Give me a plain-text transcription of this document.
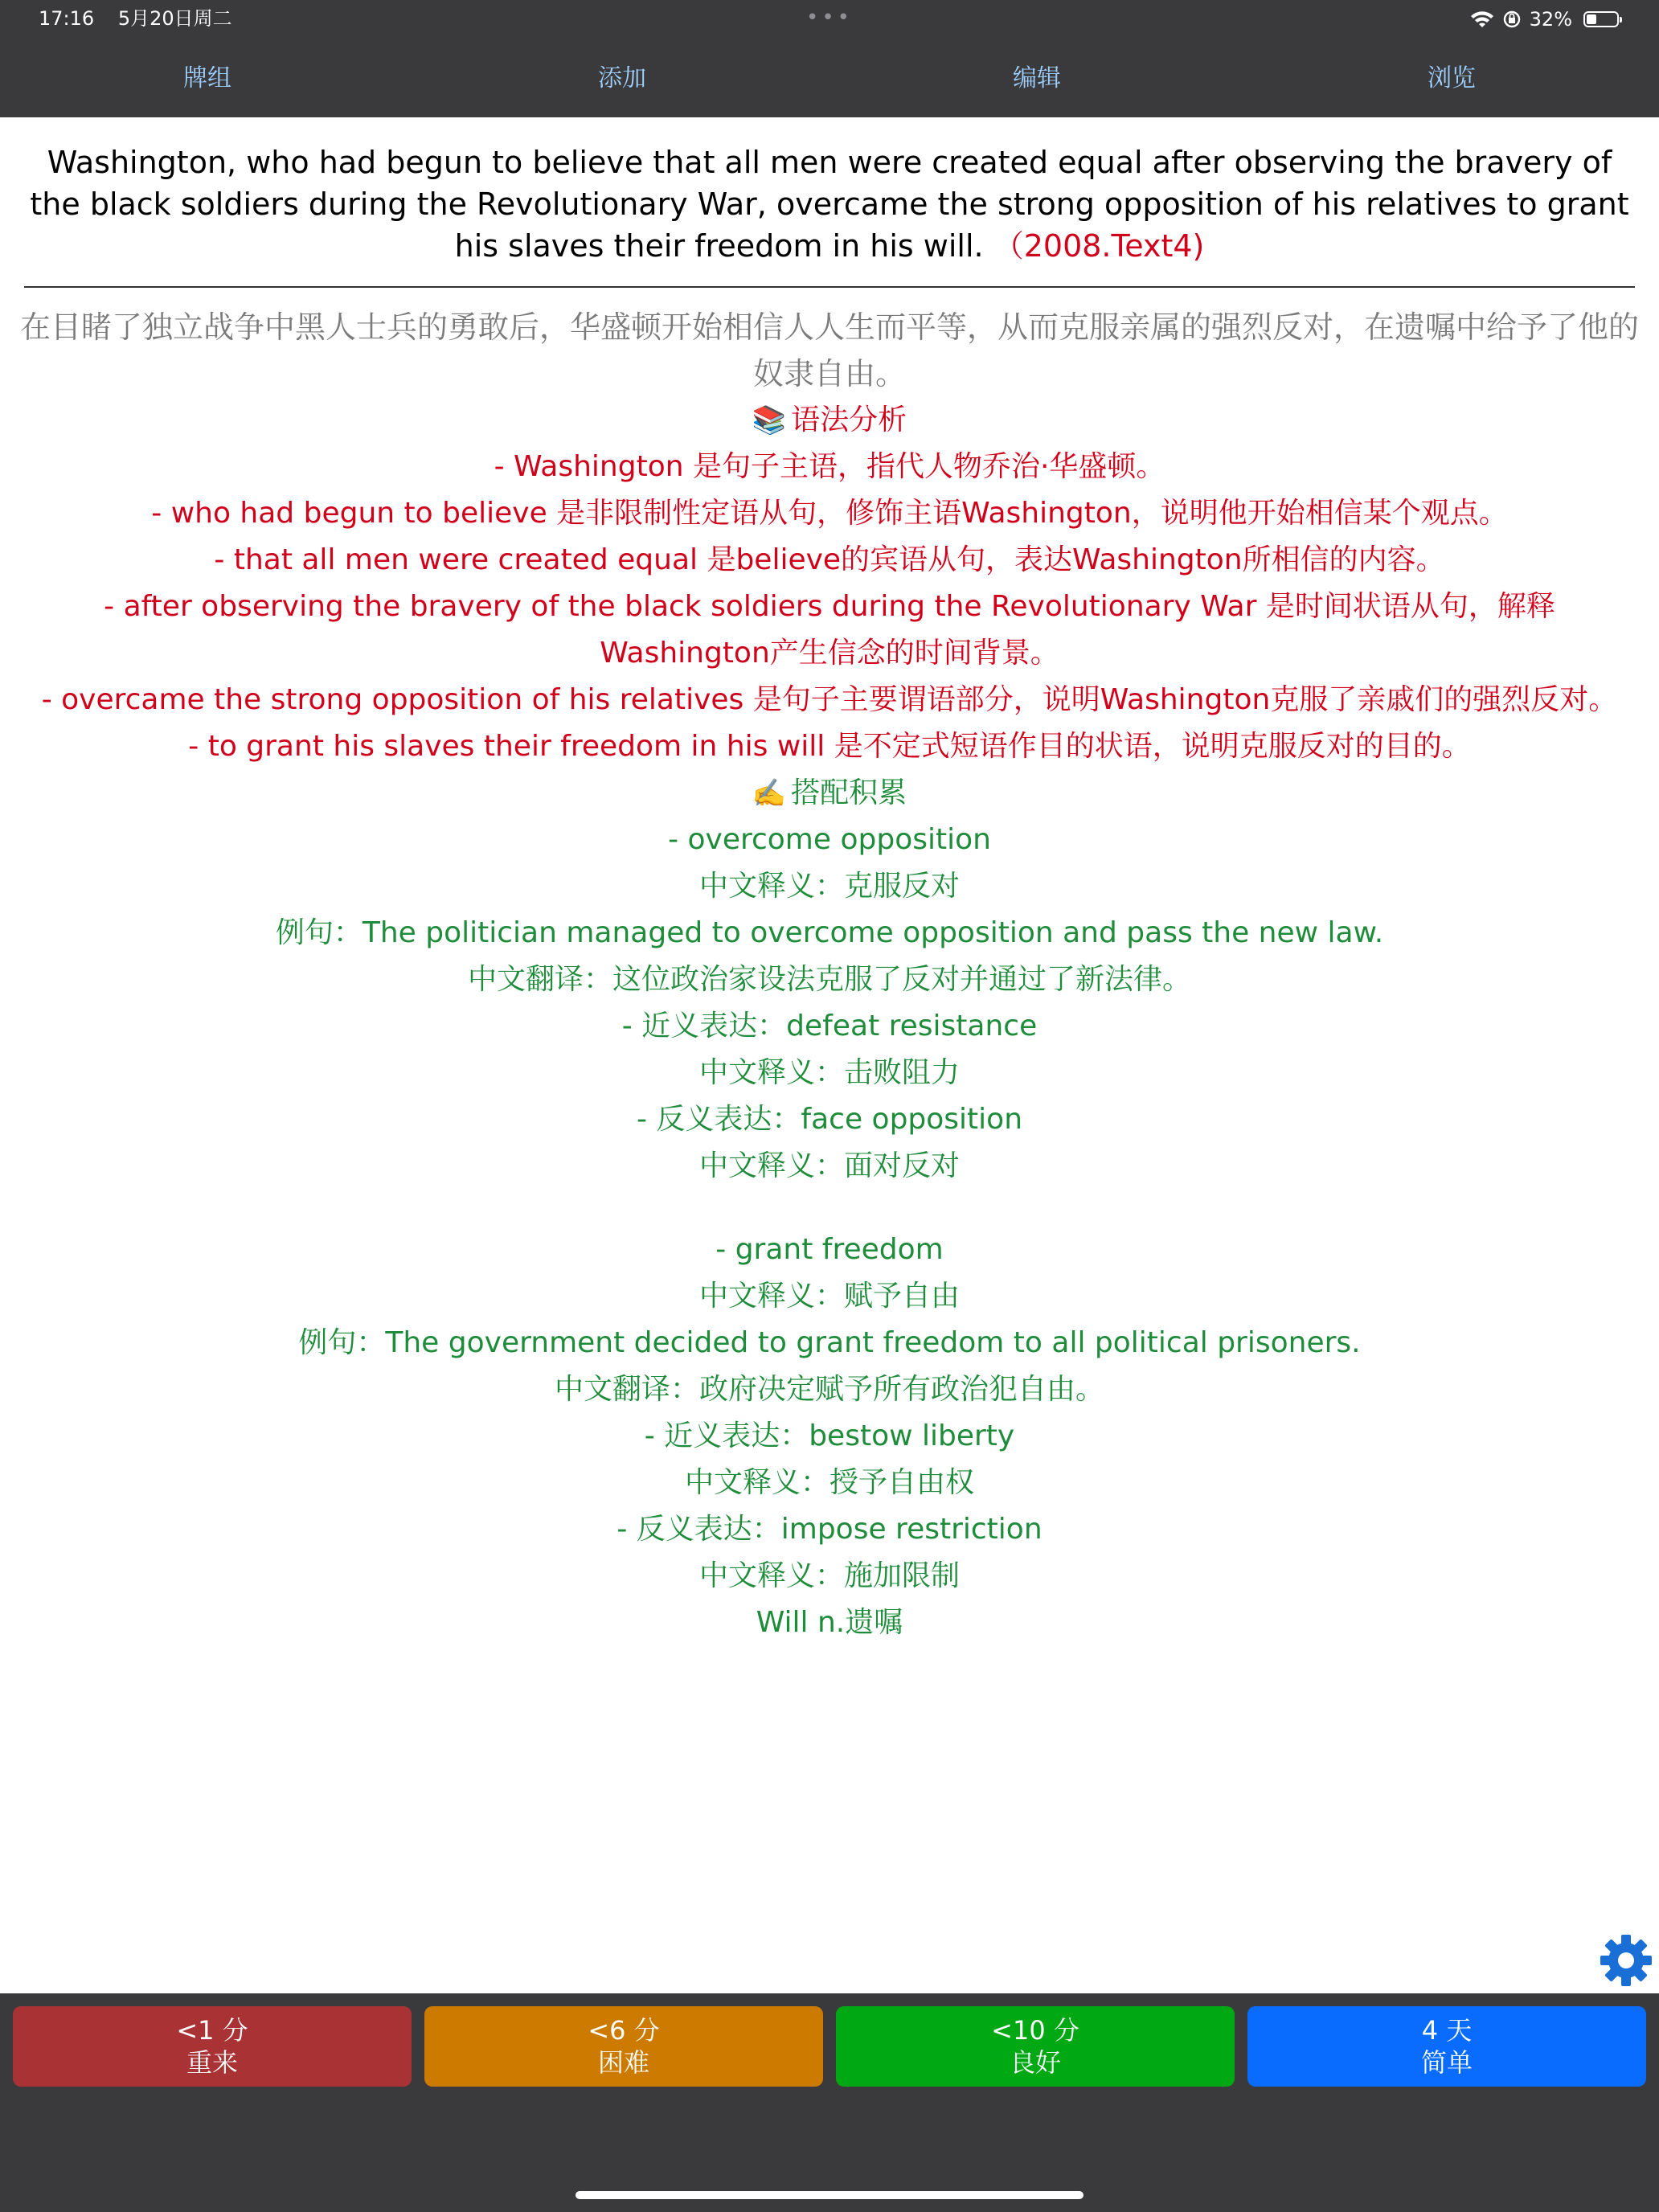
17:16 5月20日周二	•••	32%
牌组	添加	编辑	浏览
Washington, who had begun to believe that all men were created equal after observing the bravery of the black soldiers during the Revolutionary War, overcame the strong opposition of his relatives to grant his slaves their freedom in his will. （2008.Text4)
在目睹了独立战争中黑人士兵的勇敢后，华盛顿开始相信人人生而平等，从而克服亲属的强烈反对，在遗嘱中给予了他的奴隶自由。
📚 语法分析
- Washington 是句子主语，指代人物乔治·华盛顿。
- who had begun to believe 是非限制性定语从句，修饰主语Washington，说明他开始相信某个观点。
- that all men were created equal 是believe的宾语从句，表达Washington所相信的内容。
- after observing the bravery of the black soldiers during the Revolutionary War 是时间状语从句，解释Washington产生信念的时间背景。
- overcame the strong opposition of his relatives 是句子主要谓语部分，说明Washington克服了亲戚们的强烈反对。
- to grant his slaves their freedom in his will 是不定式短语作目的状语，说明克服反对的目的。
✍️ 搭配积累
- overcome opposition
中文释义：克服反对
例句：The politician managed to overcome opposition and pass the new law.
中文翻译：这位政治家设法克服了反对并通过了新法律。
- 近义表达：defeat resistance
中文释义：击败阻力
- 反义表达：face opposition
中文释义：面对反对
- grant freedom
中文释义：赋予自由
例句：The government decided to grant freedom to all political prisoners.
中文翻译：政府决定赋予所有政治犯自由。
- 近义表达：bestow liberty
中文释义：授予自由权
- 反义表达：impose restriction
中文释义：施加限制
Will n.遗嘱
<1 分
重来
<6 分
困难
<10 分
良好
4 天
简单
